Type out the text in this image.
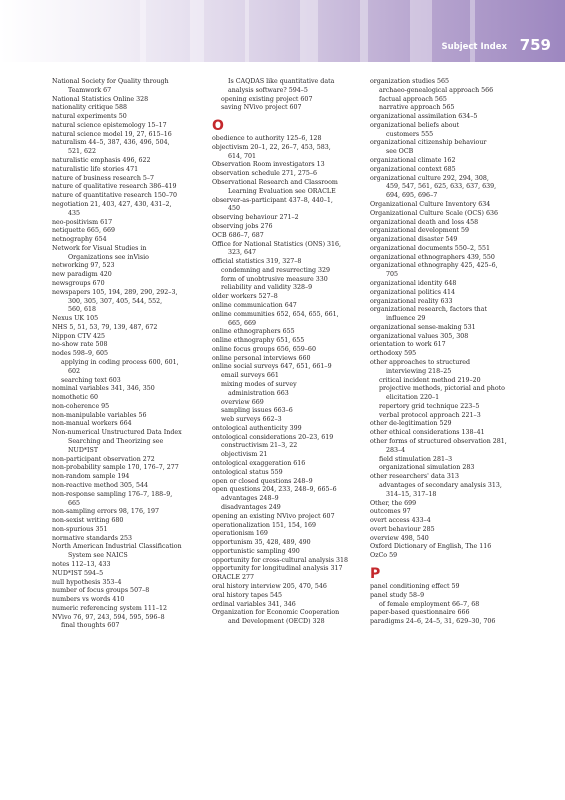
Subject Index 759
National Society for Quality through
Teamwork 67
National Statistics Online 328
nationality critique 588
natural experiments 50
natural science epistemology 15–17
natural science model 19, 27, 615–16
naturalism 44–5, 387, 436, 496, 504,
521, 622
naturalistic emphasis 496, 622
naturalistic life stories 471
nature of business research 5–7
nature of qualitative research 386–419
nature of quantitative research 150–70
negotiation 21, 403, 427, 430, 431–2,
435
neo-positivism 617
netiquette 665, 669
netnography 654
Network for Visual Studies in
Organizations see inVisio
networking 97, 523
new paradigm 420
newsgroups 670
newspapers 105, 194, 289, 290, 292–3,
300, 305, 307, 405, 544, 552,
560, 618
Nexus UK 105
NHS 5, 51, 53, 79, 139, 487, 672
Nippon CTV 425
no-show rate 508
nodes 598–9, 605
applying in coding process 600, 601,
602
searching text 603
nominal variables 341, 346, 350
nomothetic 60
non-coherence 95
non-manipulable variables 56
non-manual workers 664
Non-numerical Unstructured Data Index
Searching and Theorizing see
NUD*IST
non-participant observation 272
non-probability sample 170, 176–7, 277
non-random sample 194
non-reactive method 305, 544
non-response sampling 176–7, 188–9,
665
non-sampling errors 98, 176, 197
non-sexist writing 680
non-spurious 351
normative standards 253
North American Industrial Classification
System see NAICS
notes 112–13, 433
NUD*IST 594–5
null hypothesis 353–4
number of focus groups 507–8
numbers vs words 410
numeric referencing system 111–12
NVivo 76, 97, 243, 594, 595, 596–8
final thoughts 607
Is CAQDAS like quantitative data
analysis software? 594–5
opening existing project 607
saving NVivo project 607
O
obedience to authority 125–6, 128
objectivism 20–1, 22, 26–7, 453, 583,
614, 701
Observation Room investigators 13
observation schedule 271, 275–6
Observational Research and Classroom
Learning Evaluation see ORACLE
observer-as-participant 437–8, 440–1,
450
observing behaviour 271–2
observing jobs 276
OCB 686–7, 687
Office for National Statistics (ONS) 316,
323, 647
official statistics 319, 327–8
condemning and resurrecting 329
form of unobtrusive measure 330
reliability and validity 328–9
older workers 527–8
online communication 647
online communities 652, 654, 655, 661,
665, 669
online ethnographers 655
online ethnography 651, 655
online focus groups 656, 659–60
online personal interviews 660
online social surveys 647, 651, 661–9
email surveys 661
mixing modes of survey
administration 663
overview 669
sampling issues 663–6
web surveys 662–3
ontological authenticity 399
ontological considerations 20–23, 619
constructivism 21–3, 22
objectivism 21
ontological exaggeration 616
ontological status 559
open or closed questions 248–9
open questions 204, 233, 248–9, 665–6
advantages 248–9
disadvantages 249
opening an existing NVivo project 607
operationalization 151, 154, 169
operationism 169
opportunism 35, 428, 489, 490
opportunistic sampling 490
opportunity for cross-cultural analysis 318
opportunity for longitudinal analysis 317
ORACLE 277
oral history interview 205, 470, 546
oral history tapes 545
ordinal variables 341, 346
Organization for Economic Cooperation
and Development (OECD) 328
organization studies 565
archaeo-genealogical approach 566
factual approach 565
narrative approach 565
organizational assimilation 634–5
organizational beliefs about
customers 555
organizational citizenship behaviour
see OCB
organizational climate 162
organizational context 685
organizational culture 292, 294, 308,
459, 547, 561, 625, 633, 637, 639,
694, 695, 696–7
Organizational Culture Inventory 634
Organizational Culture Scale (OCS) 636
organizational death and loss 458
organizational development 59
organizational disaster 549
organizational documents 550–2, 551
organizational ethnographers 439, 550
organizational ethnography 425, 425–6,
705
organizational identity 648
organizational politics 414
organizational reality 633
organizational research, factors that
influence 29
organizational sense-making 531
organizational values 305, 308
orientation to work 617
orthodoxy 595
other approaches to structured
interviewing 218–25
critical incident method 219–20
projective methods, pictorial and photo
elicitation 220–1
repertory grid technique 223–5
verbal protocol approach 221–3
other de-legitimation 529
other ethical considerations 138–41
other forms of structured observation 281,
283–4
field stimulation 281–3
organizational simulation 283
other researchers' data 313
advantages of secondary analysis 313,
314–15, 317–18
Other, the 699
outcomes 97
overt access 433–4
overt behaviour 285
overview 498, 540
Oxford Dictionary of English, The 116
OzCo 59
P
panel conditioning effect 59
panel study 58–9
of female employment 66–7, 68
paper-based questionnaire 666
paradigms 24–6, 24–5, 31, 629–30, 706
